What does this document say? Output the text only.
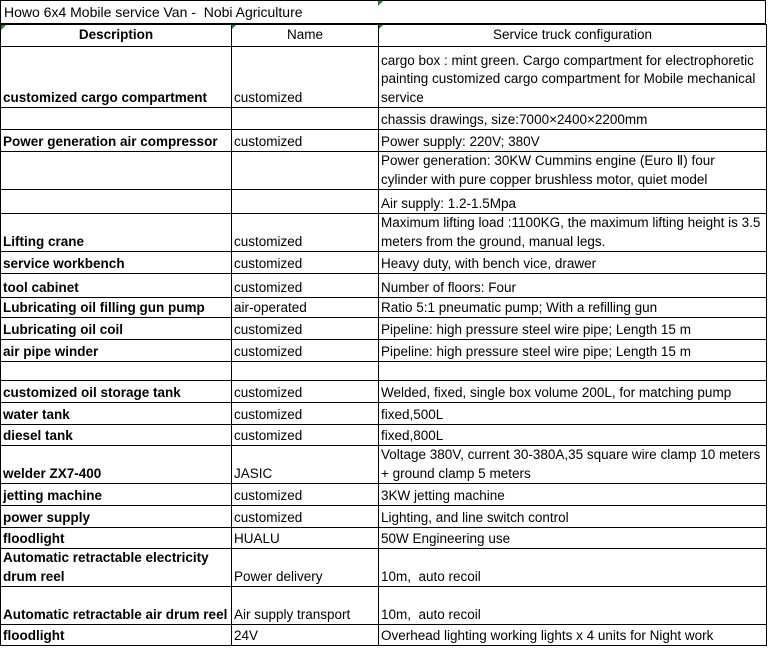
Howo 6x4 Mobile service Van -  Nobi Agriculture
Description	Name	Service truck configuration
customized cargo compartment	customized	cargo box : mint green. Cargo compartment for electrophoretic painting customized cargo compartment for Mobile mechanical service
		chassis drawings, size:7000×2400×2200mm
Power generation air compressor	customized	Power supply: 220V; 380V
		Power generation: 30KW Cummins engine (Euro Ⅱ) four cylinder with pure copper brushless motor, quiet model
		Air supply: 1.2-1.5Mpa
Lifting crane	customized	Maximum lifting load :1100KG, the maximum lifting height is 3.5 meters from the ground, manual legs.
service workbench	customized	Heavy duty, with bench vice, drawer
tool cabinet	customized	Number of floors: Four
Lubricating oil filling gun pump	air-operated	Ratio 5:1 pneumatic pump; With a refilling gun
Lubricating oil coil	customized	Pipeline: high pressure steel wire pipe; Length 15 m
air pipe winder	customized	Pipeline: high pressure steel wire pipe; Length 15 m

customized oil storage tank	customized	Welded, fixed, single box volume 200L, for matching pump
water tank	customized	fixed,500L
diesel tank	customized	fixed,800L
welder ZX7-400	JASIC	Voltage 380V, current 30-380A,35 square wire clamp 10 meters + ground clamp 5 meters
jetting machine	customized	3KW jetting machine
power supply	customized	Lighting, and line switch control
floodlight	HUALU	50W Engineering use
Automatic retractable electricity drum reel	Power delivery	10m,  auto recoil
Automatic retractable air drum reel	Air supply transport	10m,  auto recoil
floodlight	24V	Overhead lighting working lights x 4 units for Night work
